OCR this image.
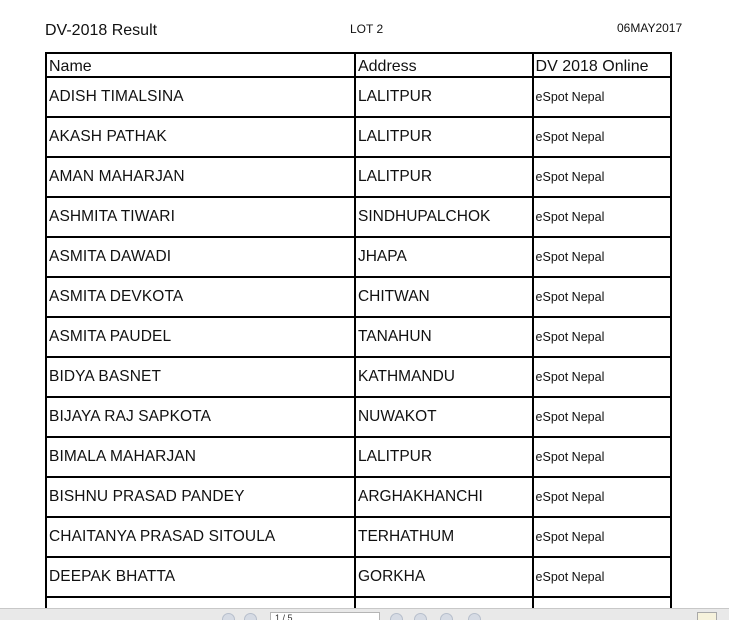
DV-2018 Result	LOT 2	06MAY2017
Name	Address	DV 2018 Online
ADISH TIMALSINA	LALITPUR	eSpot Nepal
AKASH PATHAK	LALITPUR	eSpot Nepal
AMAN MAHARJAN	LALITPUR	eSpot Nepal
ASHMITA TIWARI	SINDHUPALCHOK	eSpot Nepal
ASMITA DAWADI	JHAPA	eSpot Nepal
ASMITA DEVKOTA	CHITWAN	eSpot Nepal
ASMITA PAUDEL	TANAHUN	eSpot Nepal
BIDYA BASNET	KATHMANDU	eSpot Nepal
BIJAYA RAJ SAPKOTA	NUWAKOT	eSpot Nepal
BIMALA MAHARJAN	LALITPUR	eSpot Nepal
BISHNU PRASAD PANDEY	ARGHAKHANCHI	eSpot Nepal
CHAITANYA PRASAD SITOULA	TERHATHUM	eSpot Nepal
DEEPAK BHATTA	GORKHA	eSpot Nepal

1 / 5
